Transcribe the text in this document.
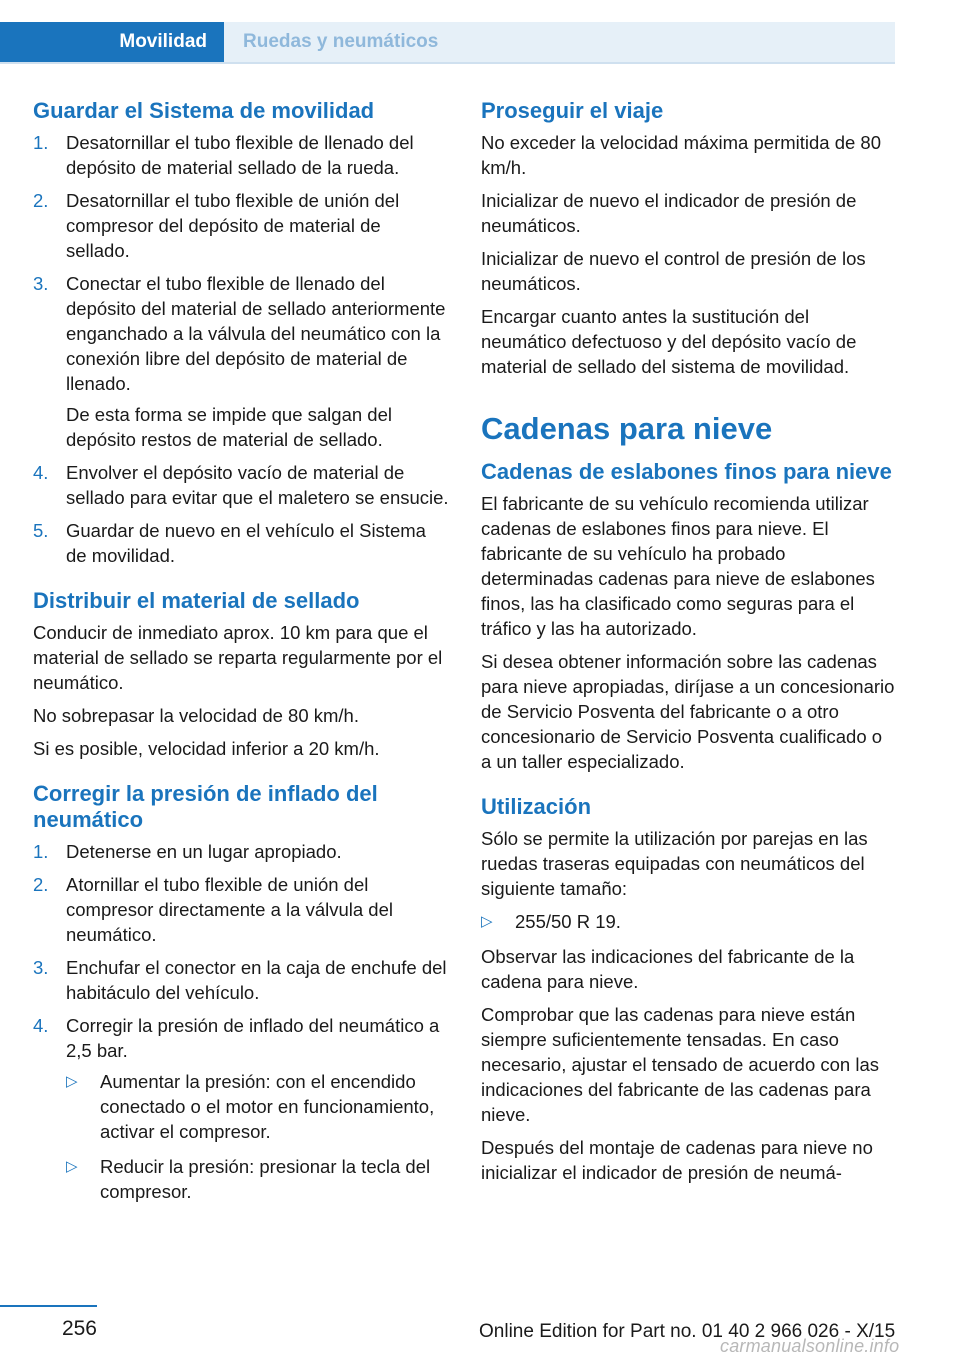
Movilidad	Ruedas y neumáticos
Guardar el Sistema de movilidad
1. Desatornillar el tubo flexible de llenado del depósito de material sellado de la rueda.
2. Desatornillar el tubo flexible de unión del compresor del depósito de material de sellado.
3. Conectar el tubo flexible de llenado del depósito del material de sellado anteriormente enganchado a la válvula del neumático con la conexión libre del depósito de material de llenado.

De esta forma se impide que salgan del depósito restos de material de sellado.

4. Envolver el depósito vacío de material de sellado para evitar que el maletero se ensucie.
5. Guardar de nuevo en el vehículo el Sistema de movilidad.
Distribuir el material de sellado

Conducir de inmediato aprox. 10 km para que el material de sellado se reparta regularmente por el neumático.

No sobrepasar la velocidad de 80 km/h.

Si es posible, velocidad inferior a 20 km/h.

Corregir la presión de inflado del neumático
1. Detenerse en un lugar apropiado.
2. Atornillar el tubo flexible de unión del compresor directamente a la válvula del neumático.
3. Enchufar el conector en la caja de enchufe del habitáculo del vehículo.
4. Corregir la presión de inflado del neumático a 2,5 bar.
▷ Aumentar la presión: con el encendido conectado o el motor en funcionamiento, activar el compresor.
▷ Reducir la presión: presionar la tecla del compresor.
Proseguir el viaje

No exceder la velocidad máxima permitida de 80 km/h.

Inicializar de nuevo el indicador de presión de neumáticos.

Inicializar de nuevo el control de presión de los neumáticos.

Encargar cuanto antes la sustitución del neumático defectuoso y del depósito vacío de material de sellado del sistema de movilidad.

Cadenas para nieve
Cadenas de eslabones finos para nieve

El fabricante de su vehículo recomienda utilizar cadenas de eslabones finos para nieve. El fabricante de su vehículo ha probado determinadas cadenas para nieve de eslabones finos, las ha clasificado como seguras para el tráfico y las ha autorizado.

Si desea obtener información sobre las cadenas para nieve apropiadas, diríjase a un concesionario de Servicio Posventa del fabricante o a otro concesionario de Servicio Posventa cualificado o a un taller especializado.

Utilización

Sólo se permite la utilización por parejas en las ruedas traseras equipadas con neumáticos del siguiente tamaño:

▷ 255/50 R 19.

Observar las indicaciones del fabricante de la cadena para nieve.

Comprobar que las cadenas para nieve están siempre suficientemente tensadas. En caso necesario, ajustar el tensado de acuerdo con las indicaciones del fabricante de las cadenas para nieve.

Después del montaje de cadenas para nieve no inicializar el indicador de presión de neumá-

256	Online Edition for Part no. 01 40 2 966 026 - X/15
carmanualsonline.info
